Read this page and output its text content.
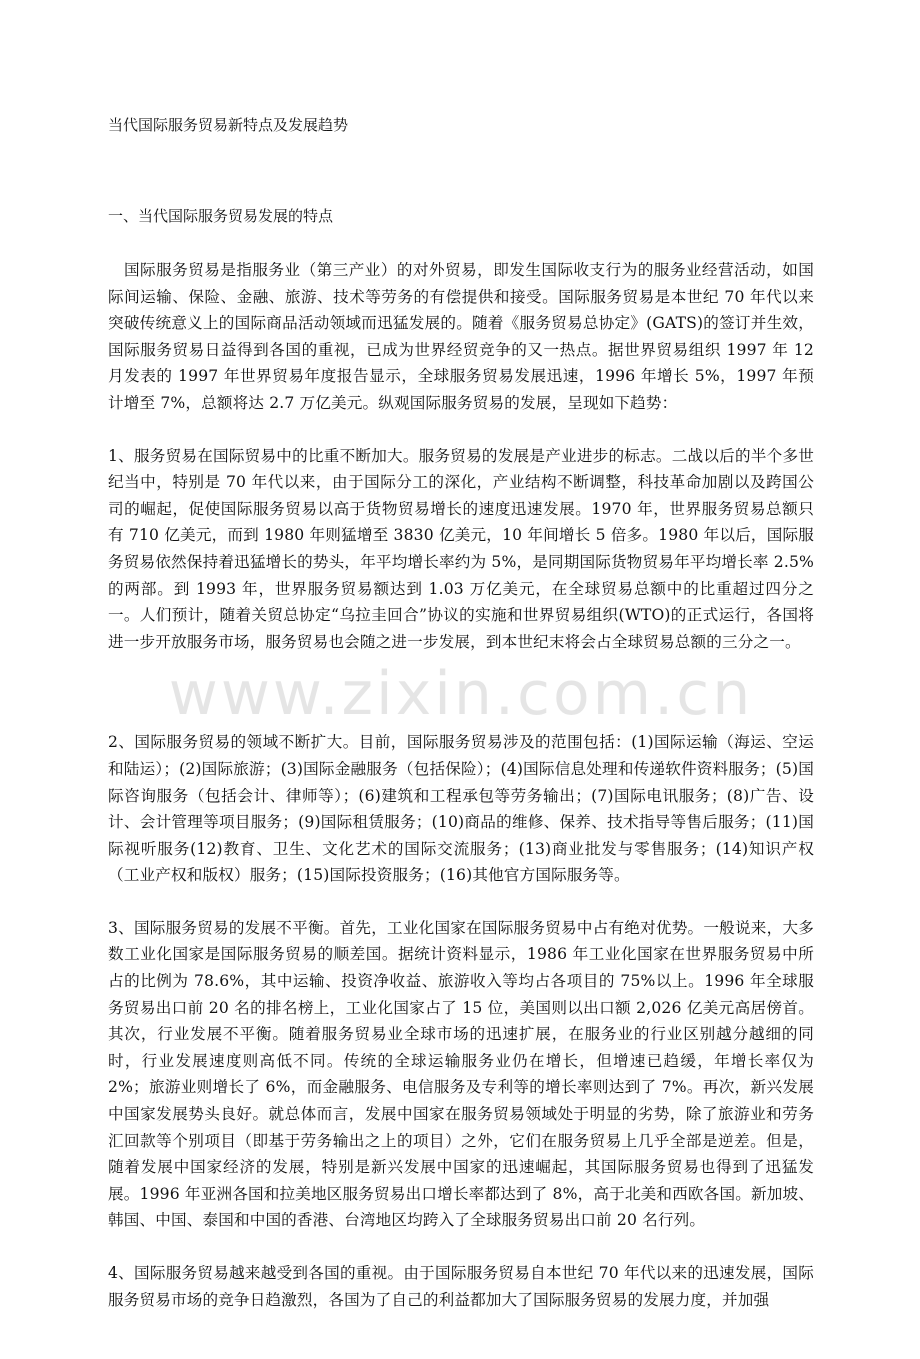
当代国际服务贸易新特点及发展趋势
一、当代国际服务贸易发展的特点

国际服务贸易是指服务业（第三产业）的对外贸易，即发生国际收支行为的服务业经营活动，如国际间运输、保险、金融、旅游、技术等劳务的有偿提供和接受。国际服务贸易是本世纪 70 年代以来突破传统意义上的国际商品活动领域而迅猛发展的。随着《服务贸易总协定》(GATS)的签订并生效，国际服务贸易日益得到各国的重视，已成为世界经贸竞争的又一热点。据世界贸易组织 1997 年 12 月发表的 1997 年世界贸易年度报告显示，全球服务贸易发展迅速，1996 年增长 5%，1997 年预计增至 7%，总额将达 2.7 万亿美元。纵观国际服务贸易的发展，呈现如下趋势：

1、服务贸易在国际贸易中的比重不断加大。服务贸易的发展是产业进步的标志。二战以后的半个多世纪当中，特别是 70 年代以来，由于国际分工的深化，产业结构不断调整，科技革命加剧以及跨国公司的崛起，促使国际服务贸易以高于货物贸易增长的速度迅速发展。1970 年，世界服务贸易总额只有 710 亿美元，而到 1980 年则猛增至 3830 亿美元，10 年间增长 5 倍多。1980 年以后，国际服务贸易依然保持着迅猛增长的势头，年平均增长率约为 5%，是同期国际货物贸易年平均增长率 2.5%的两部。到 1993 年，世界服务贸易额达到 1.03 万亿美元，在全球贸易总额中的比重超过四分之一。人们预计，随着关贸总协定“乌拉圭回合”协议的实施和世界贸易组织(WTO)的正式运行，各国将进一步开放服务市场，服务贸易也会随之进一步发展，到本世纪末将会占全球贸易总额的三分之一。

www.zixin.com.cn

2、国际服务贸易的领域不断扩大。目前，国际服务贸易涉及的范围包括：(1)国际运输（海运、空运和陆运）；(2)国际旅游；(3)国际金融服务（包括保险）；(4)国际信息处理和传递软件资料服务；(5)国际咨询服务（包括会计、律师等）；(6)建筑和工程承包等劳务输出；(7)国际电讯服务；(8)广告、设计、会计管理等项目服务；(9)国际租赁服务；(10)商品的维修、保养、技术指导等售后服务；(11)国际视听服务(12)教育、卫生、文化艺术的国际交流服务；(13)商业批发与零售服务；(14)知识产权（工业产权和版权）服务；(15)国际投资服务；(16)其他官方国际服务等。

3、国际服务贸易的发展不平衡。首先，工业化国家在国际服务贸易中占有绝对优势。一般说来，大多数工业化国家是国际服务贸易的顺差国。据统计资料显示，1986 年工业化国家在世界服务贸易中所占的比例为 78.6%，其中运输、投资净收益、旅游收入等均占各项目的 75%以上。1996 年全球服务贸易出口前 20 名的排名榜上，工业化国家占了 15 位，美国则以出口额 2,026 亿美元高居傍首。其次，行业发展不平衡。随着服务贸易业全球市场的迅速扩展，在服务业的行业区别越分越细的同时，行业发展速度则高低不同。传统的全球运输服务业仍在增长，但增速已趋缓，年增长率仅为 2%；旅游业则增长了 6%，而金融服务、电信服务及专利等的增长率则达到了 7%。再次，新兴发展中国家发展势头良好。就总体而言，发展中国家在服务贸易领域处于明显的劣势，除了旅游业和劳务汇回款等个别项目（即基于劳务输出之上的项目）之外，它们在服务贸易上几乎全部是逆差。但是，随着发展中国家经济的发展，特别是新兴发展中国家的迅速崛起，其国际服务贸易也得到了迅猛发展。1996 年亚洲各国和拉美地区服务贸易出口增长率都达到了 8%，高于北美和西欧各国。新加坡、韩国、中国、泰国和中国的香港、台湾地区均跨入了全球服务贸易出口前 20 名行列。

4、国际服务贸易越来越受到各国的重视。由于国际服务贸易自本世纪 70 年代以来的迅速发展，国际服务贸易市场的竞争日趋激烈，各国为了自己的利益都加大了国际服务贸易的发展力度，并加强
